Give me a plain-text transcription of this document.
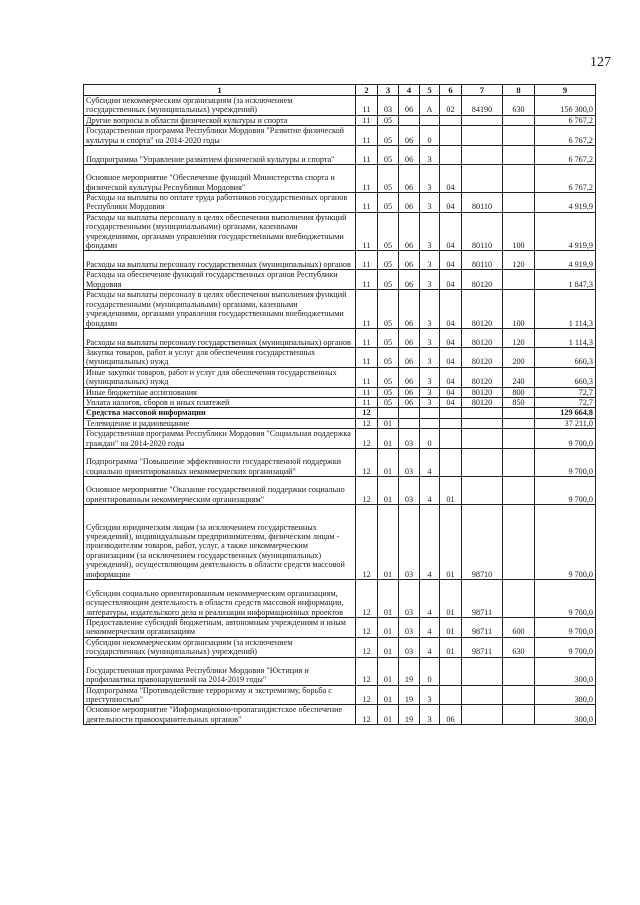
127
1	2	3	4	5	6	7	8	9
Субсидии некоммерческим организациям (за исключением государственных (муниципальных) учреждений)	11	03	06	А	02	84190	630	156 300,0
Другие вопросы в области физической культуры и спорта	11	05						6 767,2
Государственная программа Республики Мордовия "Развитие физической культуры и спорта" на 2014-2020 годы	11	05	06	0				6 767,2
Подпрограмма "Управление развитием физической культуры и спорта"	11	05	06	3				6 767,2
Основное мероприятие "Обеспечение функций Министерства спорта и физической культуры Республики Мордовия"	11	05	06	3	04			6 767,2
Расходы на выплаты по оплате труда работников государственных органов Республики Мордовия	11	05	06	3	04	80110		4 919,9
Расходы на выплаты персоналу в целях обеспечения выполнения функций государственными (муниципальными) органами, казенными учреждениями, органами управления государственными внебюджетными фондами	11	05	06	3	04	80110	100	4 919,9
Расходы на выплаты персоналу государственных (муниципальных) органов	11	05	06	3	04	80110	120	4 919,9
Расходы на обеспечение функций государственных органов Республики Мордовия	11	05	06	3	04	80120		1 847,3
Расходы на выплаты персоналу в целях обеспечения выполнения функций государственными (муниципальными) органами, казенными учреждениями, органами управления государственными внебюджетными фондами	11	05	06	3	04	80120	100	1 114,3
Расходы на выплаты персоналу государственных (муниципальных) органов	11	05	06	3	04	80120	120	1 114,3
Закупка товаров, работ и услуг для обеспечения государственных (муниципальных) нужд	11	05	06	3	04	80120	200	660,3
Иные закупки товаров, работ и услуг для обеспечения государственных (муниципальных) нужд	11	05	06	3	04	80120	240	660,3
Иные бюджетные ассигнования	11	05	06	3	04	80120	800	72,7
Уплата налогов, сборов и иных платежей	11	05	06	3	04	80120	850	72,7
Средства массовой информации	12							129 664,8
Телевидение и радиовещание	12	01						37 211,0
Государственная программа Республики Мордовия "Социальная поддержка граждан" на 2014-2020 годы	12	01	03	0				9 700,0
Подпрограмма "Повышение эффективности государственной поддержки социально ориентированных некоммерческих организаций"	12	01	03	4				9 700,0
Основное мероприятие "Оказание государственной поддержки социально ориентированным некоммерческим организациям"	12	01	03	4	01			9 700,0
Субсидии юридическим лицам (за исключением государственных учреждений), индивидуальным предпринимателям, физическим лицам - производителям товаров, работ, услуг, а также некоммерческим организациям (за исключением государственных (муниципальных) учреждений), осуществляющим деятельность в области средств массовой информации	12	01	03	4	01	98710		9 700,0
Субсидии социально ориентированным некоммерческим организациям, осуществляющим деятельность в области средств массовой информации, литературы, издательского дела и реализации информационных проектов	12	01	03	4	01	98711		9 700,0
Предоставление субсидий бюджетным, автономным учреждениям и иным некоммерческим организациям	12	01	03	4	01	98711	600	9 700,0
Субсидии некоммерческим организациям (за исключением государственных (муниципальных) учреждений)	12	01	03	4	01	98711	630	9 700,0
Государственная программа Республики Мордовия "Юстиция и профилактика правонарушений на 2014-2019 годы"	12	01	19	0				300,0
Подпрограмма "Противодействие терроризму и экстремизму, борьба с преступностью"	12	01	19	3				300,0
Основное мероприятие "Информационно-пропагандистское обеспечение деятельности правоохранительных органов"	12	01	19	3	06			300,0
